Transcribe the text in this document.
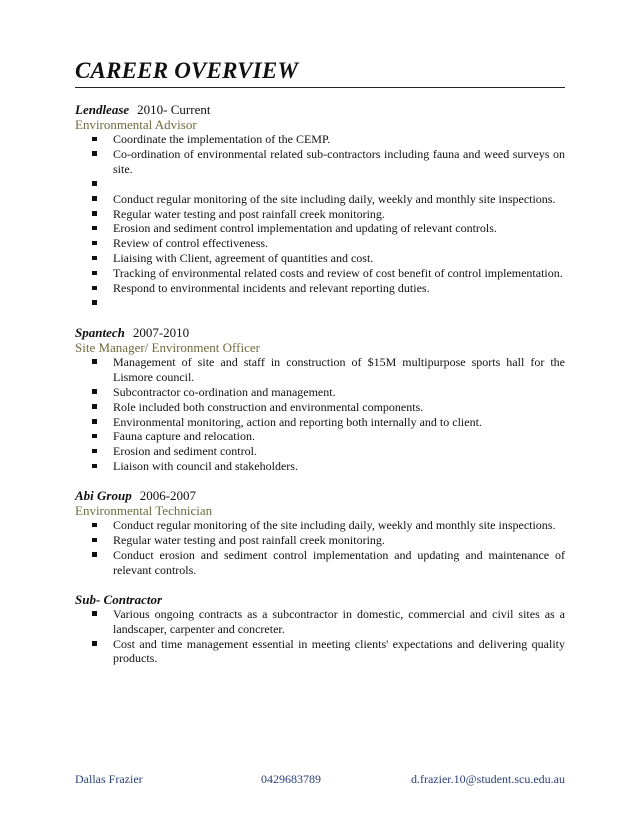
CAREER OVERVIEW
Lendlease 2010- Current
Environmental Advisor
Coordinate the implementation of the CEMP.
Co-ordination of environmental related sub-contractors including fauna and weed surveys on site.

Conduct regular monitoring of the site including daily, weekly and monthly site inspections.
Regular water testing and post rainfall creek monitoring.
Erosion and sediment control implementation and updating of relevant controls.
Review of control effectiveness.
Liaising with Client, agreement of quantities and cost.
Tracking of environmental related costs and review of cost benefit of control implementation.
Respond to environmental incidents and relevant reporting duties.

Spantech 2007-2010
Site Manager/ Environment Officer
Management of site and staff in construction of $15M multipurpose sports hall for the Lismore council.
Subcontractor co-ordination and management.
Role included both construction and environmental components.
Environmental monitoring, action and reporting both internally and to client.
Fauna capture and relocation.
Erosion and sediment control.
Liaison with council and stakeholders.
Abi Group 2006-2007
Environmental Technician
Conduct regular monitoring of the site including daily, weekly and monthly site inspections.
Regular water testing and post rainfall creek monitoring.
Conduct erosion and sediment control implementation and updating and maintenance of relevant controls.
Sub- Contractor
Various ongoing contracts as a subcontractor in domestic, commercial and civil sites as a landscaper, carpenter and concreter.
Cost and time management essential in meeting clients' expectations and delivering quality products.
Dallas Frazier	0429683789	d.frazier.10@student.scu.edu.au
